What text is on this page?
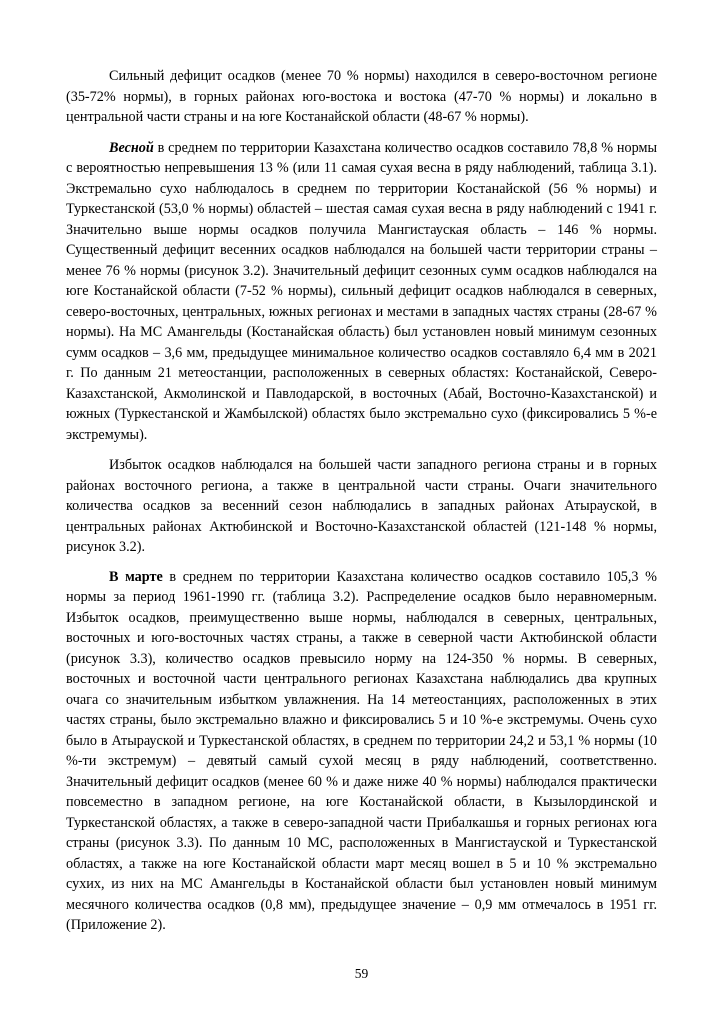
Сильный дефицит осадков (менее 70 % нормы) находился в северо-восточном регионе (35-72% нормы), в горных районах юго-востока и востока (47-70 % нормы) и локально в центральной части страны и на юге Костанайской области (48-67 % нормы).

Весной в среднем по территории Казахстана количество осадков составило 78,8 % нормы с вероятностью непревышения 13 % (или 11 самая сухая весна в ряду наблюдений, таблица 3.1). Экстремально сухо наблюдалось в среднем по территории Костанайской (56 % нормы) и Туркестанской (53,0 % нормы) областей – шестая самая сухая весна в ряду наблюдений с 1941 г. Значительно выше нормы осадков получила Мангистауская область – 146 % нормы. Существенный дефицит весенних осадков наблюдался на большей части территории страны – менее 76 % нормы (рисунок 3.2). Значительный дефицит сезонных сумм осадков наблюдался на юге Костанайской области (7-52 % нормы), сильный дефицит осадков наблюдался в северных, северо-восточных, центральных, южных регионах и местами в западных частях страны (28-67 % нормы). На МС Амангельды (Костанайская область) был установлен новый минимум сезонных сумм осадков – 3,6 мм, предыдущее минимальное количество осадков составляло 6,4 мм в 2021 г. По данным 21 метеостанции, расположенных в северных областях: Костанайской, Северо-Казахстанской, Акмолинской и Павлодарской, в восточных (Абай, Восточно-Казахстанской) и южных (Туркестанской и Жамбылской) областях было экстремально сухо (фиксировались 5 %-е экстремумы).

Избыток осадков наблюдался на большей части западного региона страны и в горных районах восточного региона, а также в центральной части страны. Очаги значительного количества осадков за весенний сезон наблюдались в западных районах Атырауской, в центральных районах Актюбинской и Восточно-Казахстанской областей (121-148 % нормы, рисунок 3.2).

В марте в среднем по территории Казахстана количество осадков составило 105,3 % нормы за период 1961-1990 гг. (таблица 3.2). Распределение осадков было неравномерным. Избыток осадков, преимущественно выше нормы, наблюдался в северных, центральных, восточных и юго-восточных частях страны, а также в северной части Актюбинской области (рисунок 3.3), количество осадков превысило норму на 124-350 % нормы. В северных, восточных и восточной части центрального регионах Казахстана наблюдались два крупных очага со значительным избытком увлажнения. На 14 метеостанциях, расположенных в этих частях страны, было экстремально влажно и фиксировались 5 и 10 %-е экстремумы. Очень сухо было в Атырауской и Туркестанской областях, в среднем по территории 24,2 и 53,1 % нормы (10 %-ти экстремум) – девятый самый сухой месяц в ряду наблюдений, соответственно. Значительный дефицит осадков (менее 60 % и даже ниже 40 % нормы) наблюдался практически повсеместно в западном регионе, на юге Костанайской области, в Кызылординской и Туркестанской областях, а также в северо-западной части Прибалкашья и горных регионах юга страны (рисунок 3.3). По данным 10 МС, расположенных в Мангистауской и Туркестанской областях, а также на юге Костанайской области март месяц вошел в 5 и 10 % экстремально сухих, из них на МС Амангельды в Костанайской области был установлен новый минимум месячного количества осадков (0,8 мм), предыдущее значение – 0,9 мм отмечалось в 1951 гг. (Приложение 2).

59
